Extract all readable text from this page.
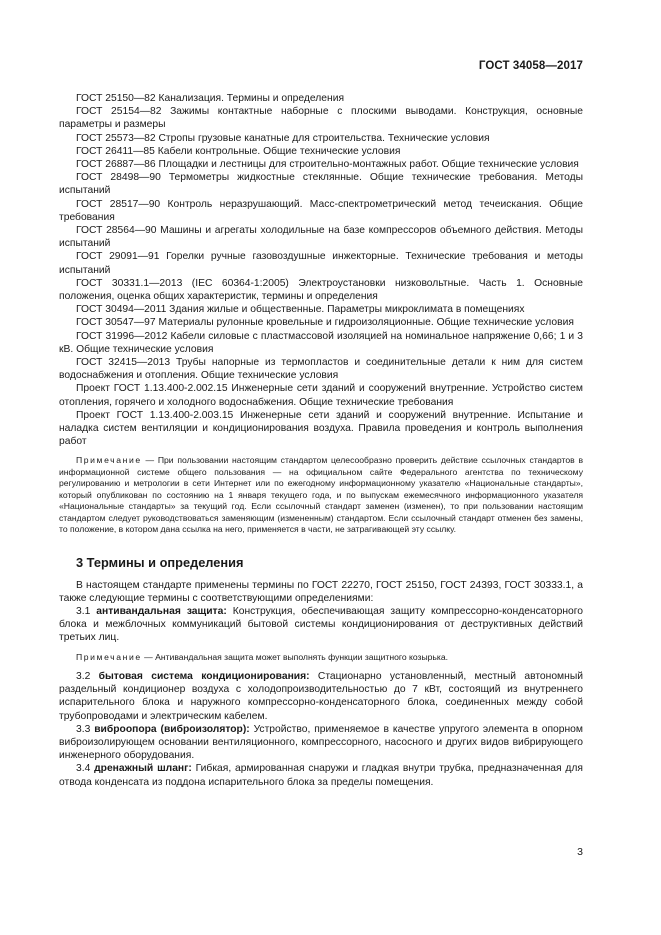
ГОСТ 34058—2017

ГОСТ 25150—82 Канализация. Термины и определения

ГОСТ 25154—82 Зажимы контактные наборные с плоскими выводами. Конструкция, основные параметры и размеры

ГОСТ 25573—82 Стропы грузовые канатные для строительства. Технические условия

ГОСТ 26411—85 Кабели контрольные. Общие технические условия

ГОСТ 26887—86 Площадки и лестницы для строительно-монтажных работ. Общие технические условия

ГОСТ 28498—90 Термометры жидкостные стеклянные. Общие технические требования. Методы испытаний

ГОСТ 28517—90 Контроль неразрушающий. Масс-спектрометрический метод течеискания. Общие требования

ГОСТ 28564—90 Машины и агрегаты холодильные на базе компрессоров объемного действия. Методы испытаний

ГОСТ 29091—91 Горелки ручные газовоздушные инжекторные. Технические требования и методы испытаний

ГОСТ 30331.1—2013 (IEC 60364-1:2005) Электроустановки низковольтные. Часть 1. Основные положения, оценка общих характеристик, термины и определения

ГОСТ 30494—2011 Здания жилые и общественные. Параметры микроклимата в помещениях

ГОСТ 30547—97 Материалы рулонные кровельные и гидроизоляционные. Общие технические условия

ГОСТ 31996—2012 Кабели силовые с пластмассовой изоляцией на номинальное напряжение 0,66; 1 и 3 кВ. Общие технические условия

ГОСТ 32415—2013 Трубы напорные из термопластов и соединительные детали к ним для систем водоснабжения и отопления. Общие технические условия

Проект ГОСТ 1.13.400-2.002.15 Инженерные сети зданий и сооружений внутренние. Устройство систем отопления, горячего и холодного водоснабжения. Общие технические требования

Проект ГОСТ 1.13.400-2.003.15 Инженерные сети зданий и сооружений внутренние. Испытание и наладка систем вентиляции и кондиционирования воздуха. Правила проведения и контроль выполнения работ

Примечание — При пользовании настоящим стандартом целесообразно проверить действие ссылочных стандартов в информационной системе общего пользования — на официальном сайте Федерального агентства по техническому регулированию и метрологии в сети Интернет или по ежегодному информационному указателю «Национальные стандарты», который опубликован по состоянию на 1 января текущего года, и по выпускам ежемесячного информационного указателя «Национальные стандарты» за текущий год. Если ссылочный стандарт заменен (изменен), то при пользовании настоящим стандартом следует руководствоваться заменяющим (измененным) стандартом. Если ссылочный стандарт отменен без замены, то положение, в котором дана ссылка на него, применяется в части, не затрагивающей эту ссылку.

3 Термины и определения

В настоящем стандарте применены термины по ГОСТ 22270, ГОСТ 25150, ГОСТ 24393, ГОСТ 30333.1, а также следующие термины с соответствующими определениями:

3.1 антивандальная защита: Конструкция, обеспечивающая защиту компрессорно-конденсаторного блока и межблочных коммуникаций бытовой системы кондиционирования от деструктивных действий третьих лиц.

Примечание — Антивандальная защита может выполнять функции защитного козырька.

3.2 бытовая система кондиционирования: Стационарно установленный, местный автономный раздельный кондиционер воздуха с холодопроизводительностью до 7 кВт, состоящий из внутреннего испарительного блока и наружного компрессорно-конденсаторного блока, соединенных между собой трубопроводами и электрическим кабелем.

3.3 виброопора (виброизолятор): Устройство, применяемое в качестве упругого элемента в опорном виброизолирующем основании вентиляционного, компрессорного, насосного и других видов вибрирующего инженерного оборудования.

3.4 дренажный шланг: Гибкая, армированная снаружи и гладкая внутри трубка, предназначенная для отвода конденсата из поддона испарительного блока за пределы помещения.

3
